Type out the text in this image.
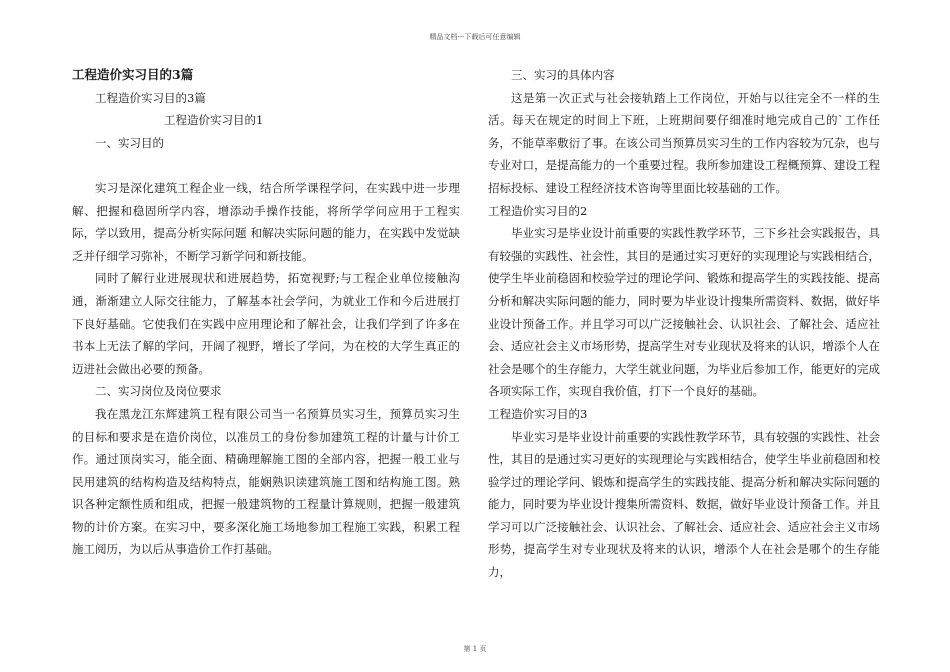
精品文档---下载后可任意编辑

工程造价实习目的3篇

工程造价实习目的3篇

工程造价实习目的1

一、实习目的

实习是深化建筑工程企业一线，结合所学课程学问，在实践中进一步理解、把握和稳固所学内容，增添动手操作技能，将所学学问应用于工程实际，学以致用，提高分析实际问题 和解决实际问题的能力，在实践中发觉缺乏并仔细学习弥补，不断学习新学问和新技能。

同时了解行业进展现状和进展趋势，拓宽视野;与工程企业单位接触沟通，渐渐建立人际交往能力，了解基本社会学问，为就业工作和今后进展打下良好基础。它使我们在实践中应用理论和了解社会，让我们学到了许多在书本上无法了解的学问，开阔了视野，增长了学问，为在校的大学生真正的迈进社会做出必要的预备。

二、实习岗位及岗位要求

我在黑龙江东辉建筑工程有限公司当一名预算员实习生，预算员实习生的目标和要求是在造价岗位，以准员工的身份参加建筑工程的计量与计价工作。通过顶岗实习，能全面、精确理解施工图的全部内容，把握一般工业与民用建筑的结构构造及结构特点，能娴熟识读建筑施工图和结构施工图。熟识各种定额性质和组成，把握一般建筑物的工程量计算规则，把握一般建筑物的计价方案。在实习中，要多深化施工场地参加工程施工实践，积累工程施工阅历，为以后从事造价工作打基础。

三、实习的具体内容

这是第一次正式与社会接轨踏上工作岗位，开始与以往完全不一样的生活。每天在规定的时间上下班，上班期间要仔细准时地完成自己的`工作任务，不能草率敷衍了事。在该公司当预算员实习生的工作内容较为冗杂，也与专业对口，是提高能力的一个重要过程。我所参加建设工程概预算、建设工程招标投标、建设工程经济技术咨询等里面比较基础的工作。

工程造价实习目的2

毕业实习是毕业设计前重要的实践性教学环节，三下乡社会实践报告，具有较强的实践性、社会性，其目的是通过实习更好的实现理论与实践相结合，使学生毕业前稳固和校验学过的理论学问、锻炼和提高学生的实践技能、提高分析和解决实际问题的能力，同时要为毕业设计搜集所需资料、数据，做好毕业设计预备工作。并且学习可以广泛接触社会、认识社会、了解社会、适应社会、适应社会主义市场形势，提高学生对专业现状及将来的认识，增添个人在社会是哪个的生存能力，大学生就业问题，为毕业后参加工作，能更好的完成各项实际工作，实现自我价值，打下一个良好的基础。

工程造价实习目的3

毕业实习是毕业设计前重要的实践性教学环节，具有较强的实践性、社会性，其目的是通过实习更好的实现理论与实践相结合，使学生毕业前稳固和校验学过的理论学问、锻炼和提高学生的实践技能、提高分析和解决实际问题的能力，同时要为毕业设计搜集所需资料、数据，做好毕业设计预备工作。并且学习可以广泛接触社会、认识社会、了解社会、适应社会、适应社会主义市场形势，提高学生对专业现状及将来的认识，增添个人在社会是哪个的生存能力，

第 1 页
